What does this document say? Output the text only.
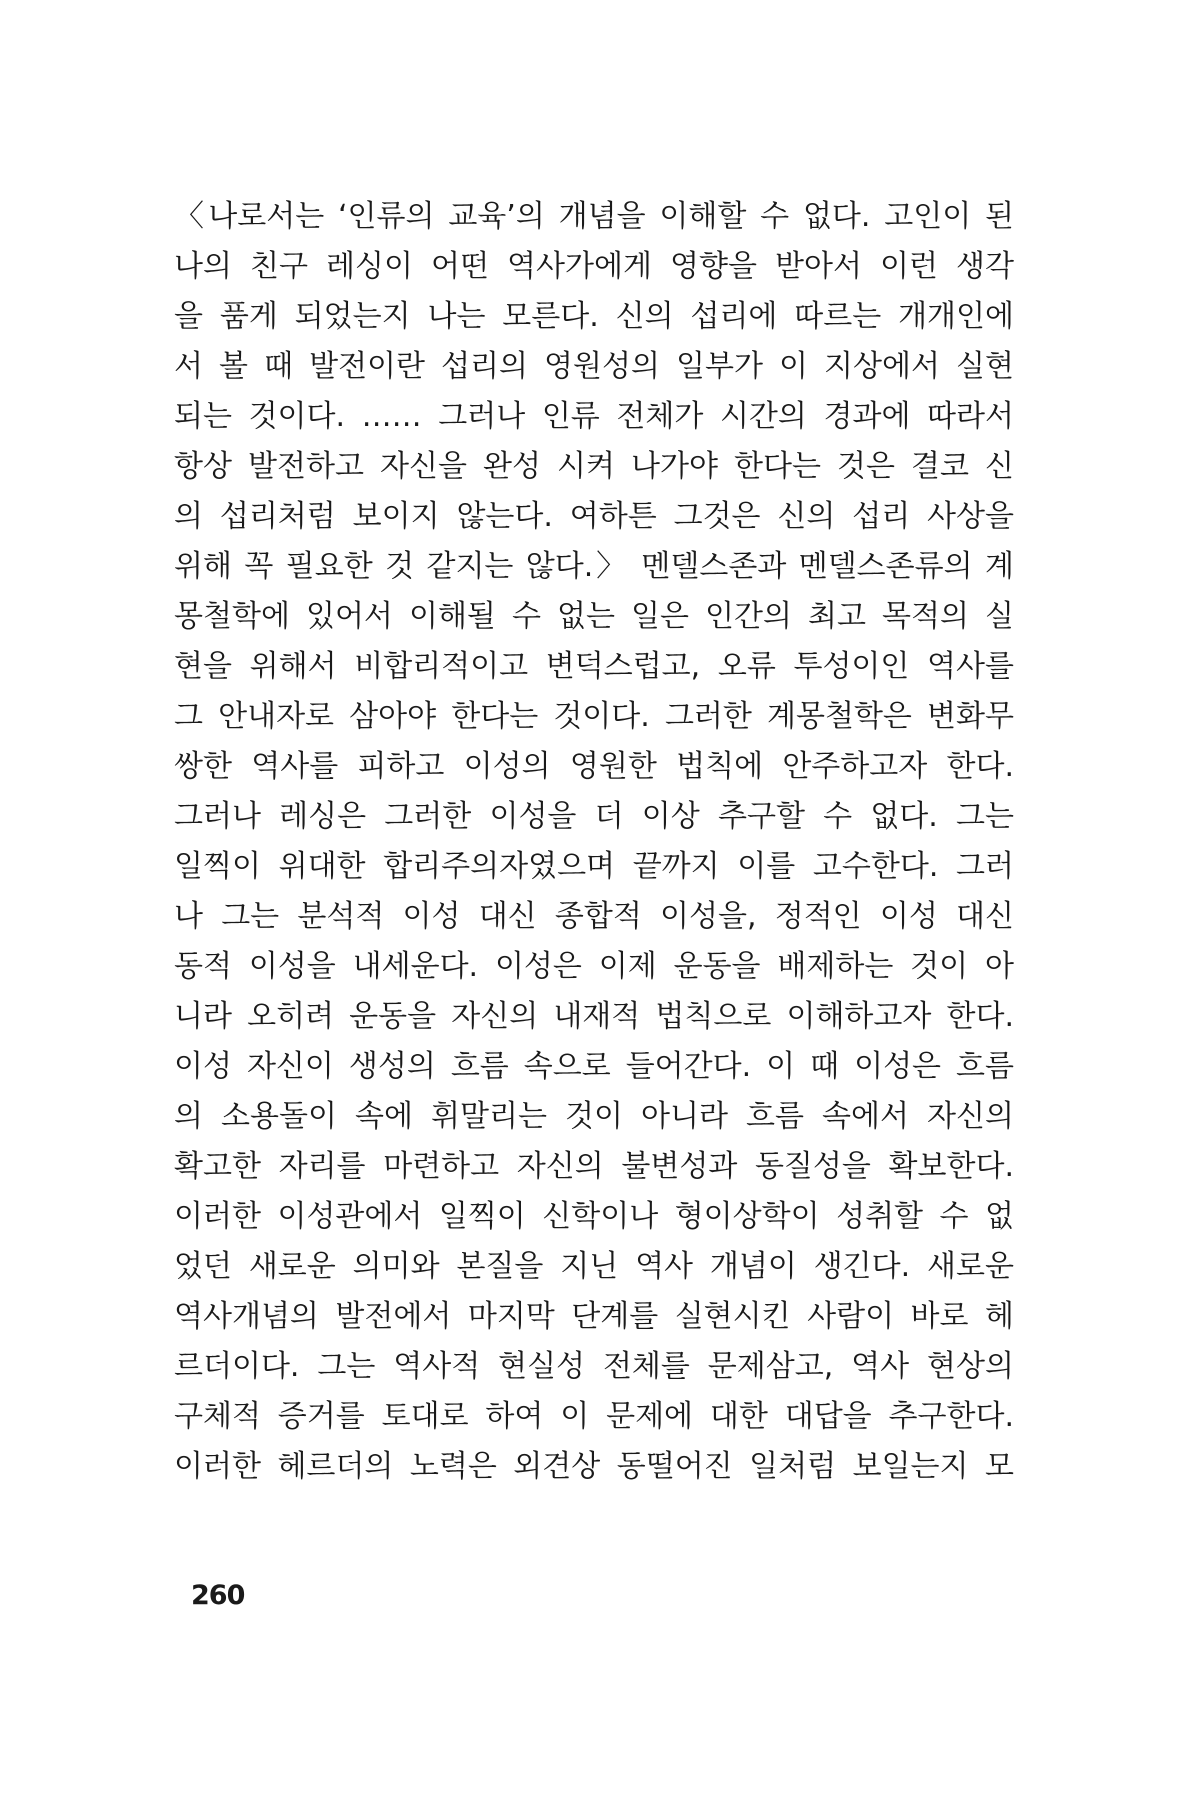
〈나로서는 ‘인류의 교육’의 개념을 이해할 수 없다. 고인이 된
나의 친구 레싱이 어떤 역사가에게 영향을 받아서 이런 생각
을 품게 되었는지 나는 모른다. 신의 섭리에 따르는 개개인에
서 볼 때 발전이란 섭리의 영원성의 일부가 이 지상에서 실현
되는 것이다. …… 그러나 인류 전체가 시간의 경과에 따라서
항상 발전하고 자신을 완성 시켜 나가야 한다는 것은 결코 신
의 섭리처럼 보이지 않는다. 여하튼 그것은 신의 섭리 사상을
위해 꼭 필요한 것 같지는 않다.〉 멘델스존과 멘델스존류의 계
몽철학에 있어서 이해될 수 없는 일은 인간의 최고 목적의 실
현을 위해서 비합리적이고 변덕스럽고, 오류 투성이인 역사를
그 안내자로 삼아야 한다는 것이다. 그러한 계몽철학은 변화무
쌍한 역사를 피하고 이성의 영원한 법칙에 안주하고자 한다.
그러나 레싱은 그러한 이성을 더 이상 추구할 수 없다. 그는
일찍이 위대한 합리주의자였으며 끝까지 이를 고수한다. 그러
나 그는 분석적 이성 대신 종합적 이성을, 정적인 이성 대신
동적 이성을 내세운다. 이성은 이제 운동을 배제하는 것이 아
니라 오히려 운동을 자신의 내재적 법칙으로 이해하고자 한다.
이성 자신이 생성의 흐름 속으로 들어간다. 이 때 이성은 흐름
의 소용돌이 속에 휘말리는 것이 아니라 흐름 속에서 자신의
확고한 자리를 마련하고 자신의 불변성과 동질성을 확보한다.
이러한 이성관에서 일찍이 신학이나 형이상학이 성취할 수 없
었던 새로운 의미와 본질을 지닌 역사 개념이 생긴다. 새로운
역사개념의 발전에서 마지막 단계를 실현시킨 사람이 바로 헤
르더이다. 그는 역사적 현실성 전체를 문제삼고, 역사 현상의
구체적 증거를 토대로 하여 이 문제에 대한 대답을 추구한다.
이러한 헤르더의 노력은 외견상 동떨어진 일처럼 보일는지 모
260
